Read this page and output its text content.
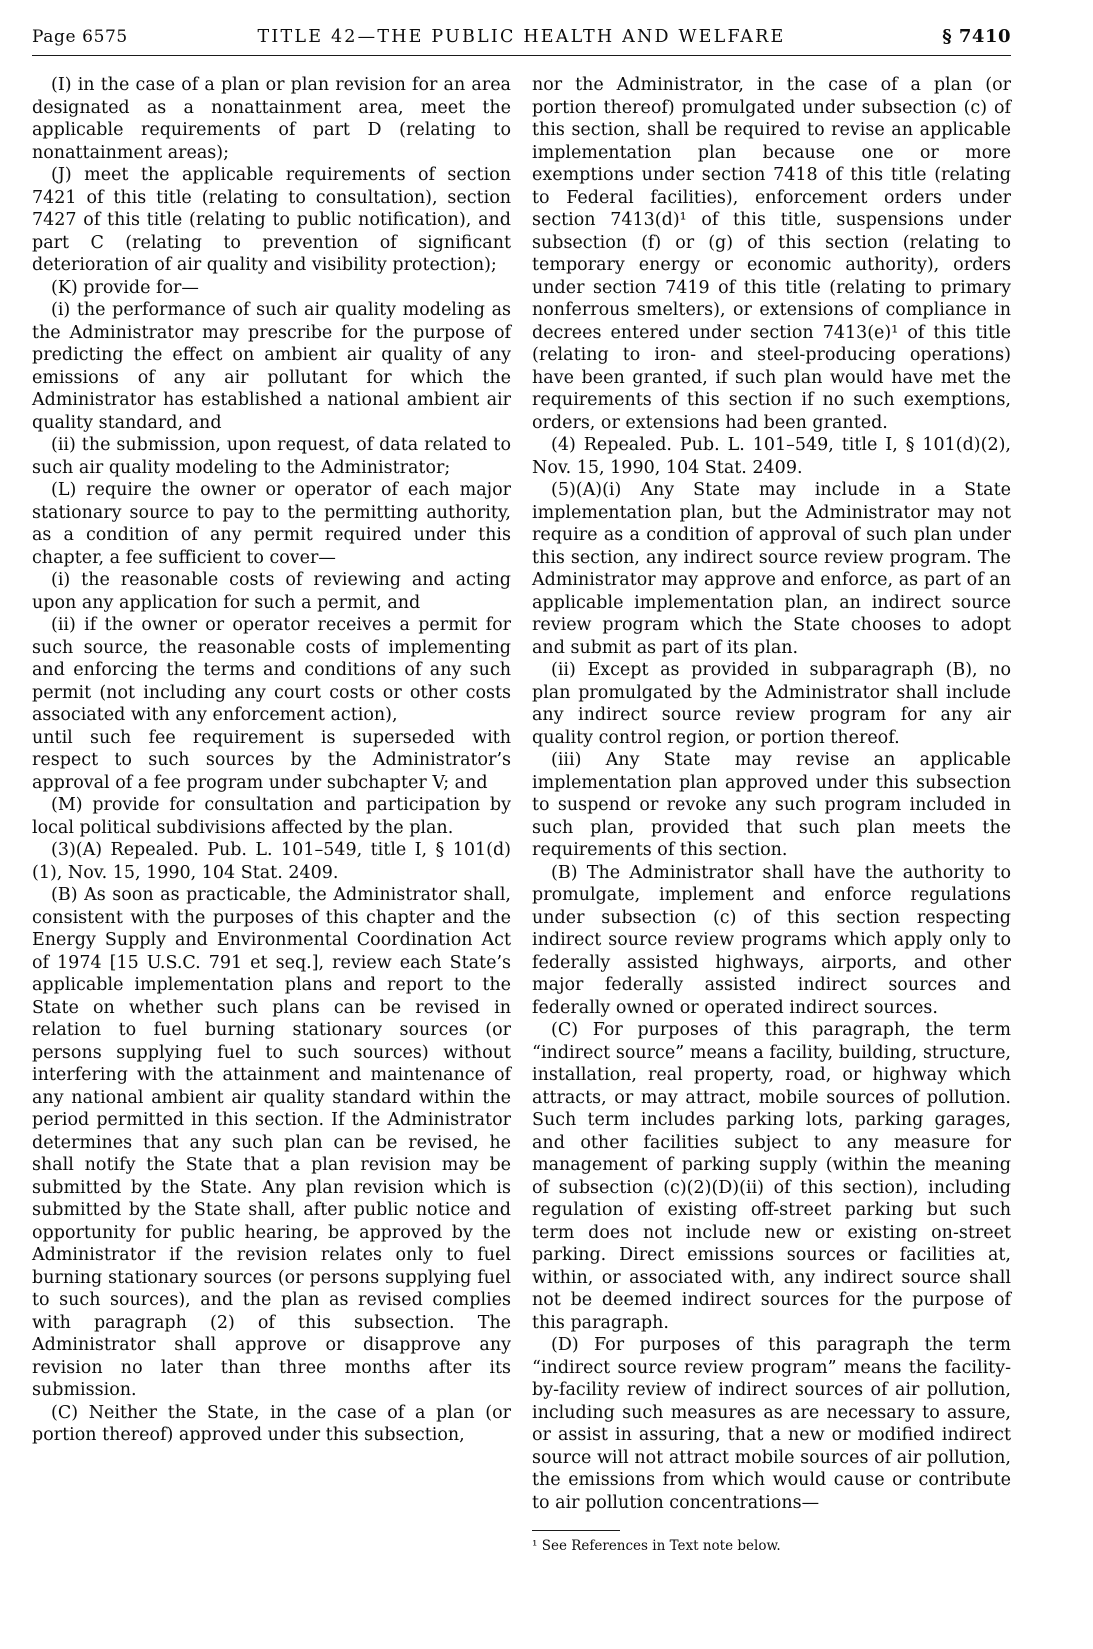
Page 6575	TITLE 42—THE PUBLIC HEALTH AND WELFARE	§ 7410

(I) in the case of a plan or plan revision for an area designated as a nonattainment area, meet the applicable requirements of part D (relating to nonattainment areas);

(J) meet the applicable requirements of section 7421 of this title (relating to consultation), section 7427 of this title (relating to public notification), and part C (relating to prevention of significant deterioration of air quality and visibility protection);

(K) provide for—

(i) the performance of such air quality modeling as the Administrator may prescribe for the purpose of predicting the effect on ambient air quality of any emissions of any air pollutant for which the Administrator has established a national ambient air quality standard, and

(ii) the submission, upon request, of data related to such air quality modeling to the Administrator;

(L) require the owner or operator of each major stationary source to pay to the permitting authority, as a condition of any permit required under this chapter, a fee sufficient to cover—

(i) the reasonable costs of reviewing and acting upon any application for such a permit, and

(ii) if the owner or operator receives a permit for such source, the reasonable costs of implementing and enforcing the terms and conditions of any such permit (not including any court costs or other costs associated with any enforcement action),

until such fee requirement is superseded with respect to such sources by the Administrator’s approval of a fee program under subchapter V; and

(M) provide for consultation and participation by local political subdivisions affected by the plan.

(3)(A) Repealed. Pub. L. 101–549, title I, § 101(d)(1), Nov. 15, 1990, 104 Stat. 2409.

(B) As soon as practicable, the Administrator shall, consistent with the purposes of this chapter and the Energy Supply and Environmental Coordination Act of 1974 [15 U.S.C. 791 et seq.], review each State’s applicable implementation plans and report to the State on whether such plans can be revised in relation to fuel burning stationary sources (or persons supplying fuel to such sources) without interfering with the attainment and maintenance of any national ambient air quality standard within the period permitted in this section. If the Administrator determines that any such plan can be revised, he shall notify the State that a plan revision may be submitted by the State. Any plan revision which is submitted by the State shall, after public notice and opportunity for public hearing, be approved by the Administrator if the revision relates only to fuel burning stationary sources (or persons supplying fuel to such sources), and the plan as revised complies with paragraph (2) of this subsection. The Administrator shall approve or disapprove any revision no later than three months after its submission.

(C) Neither the State, in the case of a plan (or portion thereof) approved under this subsection,

nor the Administrator, in the case of a plan (or portion thereof) promulgated under subsection (c) of this section, shall be required to revise an applicable implementation plan because one or more exemptions under section 7418 of this title (relating to Federal facilities), enforcement orders under section 7413(d)¹ of this title, suspensions under subsection (f) or (g) of this section (relating to temporary energy or economic authority), orders under section 7419 of this title (relating to primary nonferrous smelters), or extensions of compliance in decrees entered under section 7413(e)¹ of this title (relating to iron- and steel-producing operations) have been granted, if such plan would have met the requirements of this section if no such exemptions, orders, or extensions had been granted.

(4) Repealed. Pub. L. 101–549, title I, § 101(d)(2), Nov. 15, 1990, 104 Stat. 2409.

(5)(A)(i) Any State may include in a State implementation plan, but the Administrator may not require as a condition of approval of such plan under this section, any indirect source review program. The Administrator may approve and enforce, as part of an applicable implementation plan, an indirect source review program which the State chooses to adopt and submit as part of its plan.

(ii) Except as provided in subparagraph (B), no plan promulgated by the Administrator shall include any indirect source review program for any air quality control region, or portion thereof.

(iii) Any State may revise an applicable implementation plan approved under this subsection to suspend or revoke any such program included in such plan, provided that such plan meets the requirements of this section.

(B) The Administrator shall have the authority to promulgate, implement and enforce regulations under subsection (c) of this section respecting indirect source review programs which apply only to federally assisted highways, airports, and other major federally assisted indirect sources and federally owned or operated indirect sources.

(C) For purposes of this paragraph, the term “indirect source” means a facility, building, structure, installation, real property, road, or highway which attracts, or may attract, mobile sources of pollution. Such term includes parking lots, parking garages, and other facilities subject to any measure for management of parking supply (within the meaning of subsection (c)(2)(D)(ii) of this section), including regulation of existing off-street parking but such term does not include new or existing on-street parking. Direct emissions sources or facilities at, within, or associated with, any indirect source shall not be deemed indirect sources for the purpose of this paragraph.

(D) For purposes of this paragraph the term “indirect source review program” means the facility-by-facility review of indirect sources of air pollution, including such measures as are necessary to assure, or assist in assuring, that a new or modified indirect source will not attract mobile sources of air pollution, the emissions from which would cause or contribute to air pollution concentrations—

¹ See References in Text note below.
